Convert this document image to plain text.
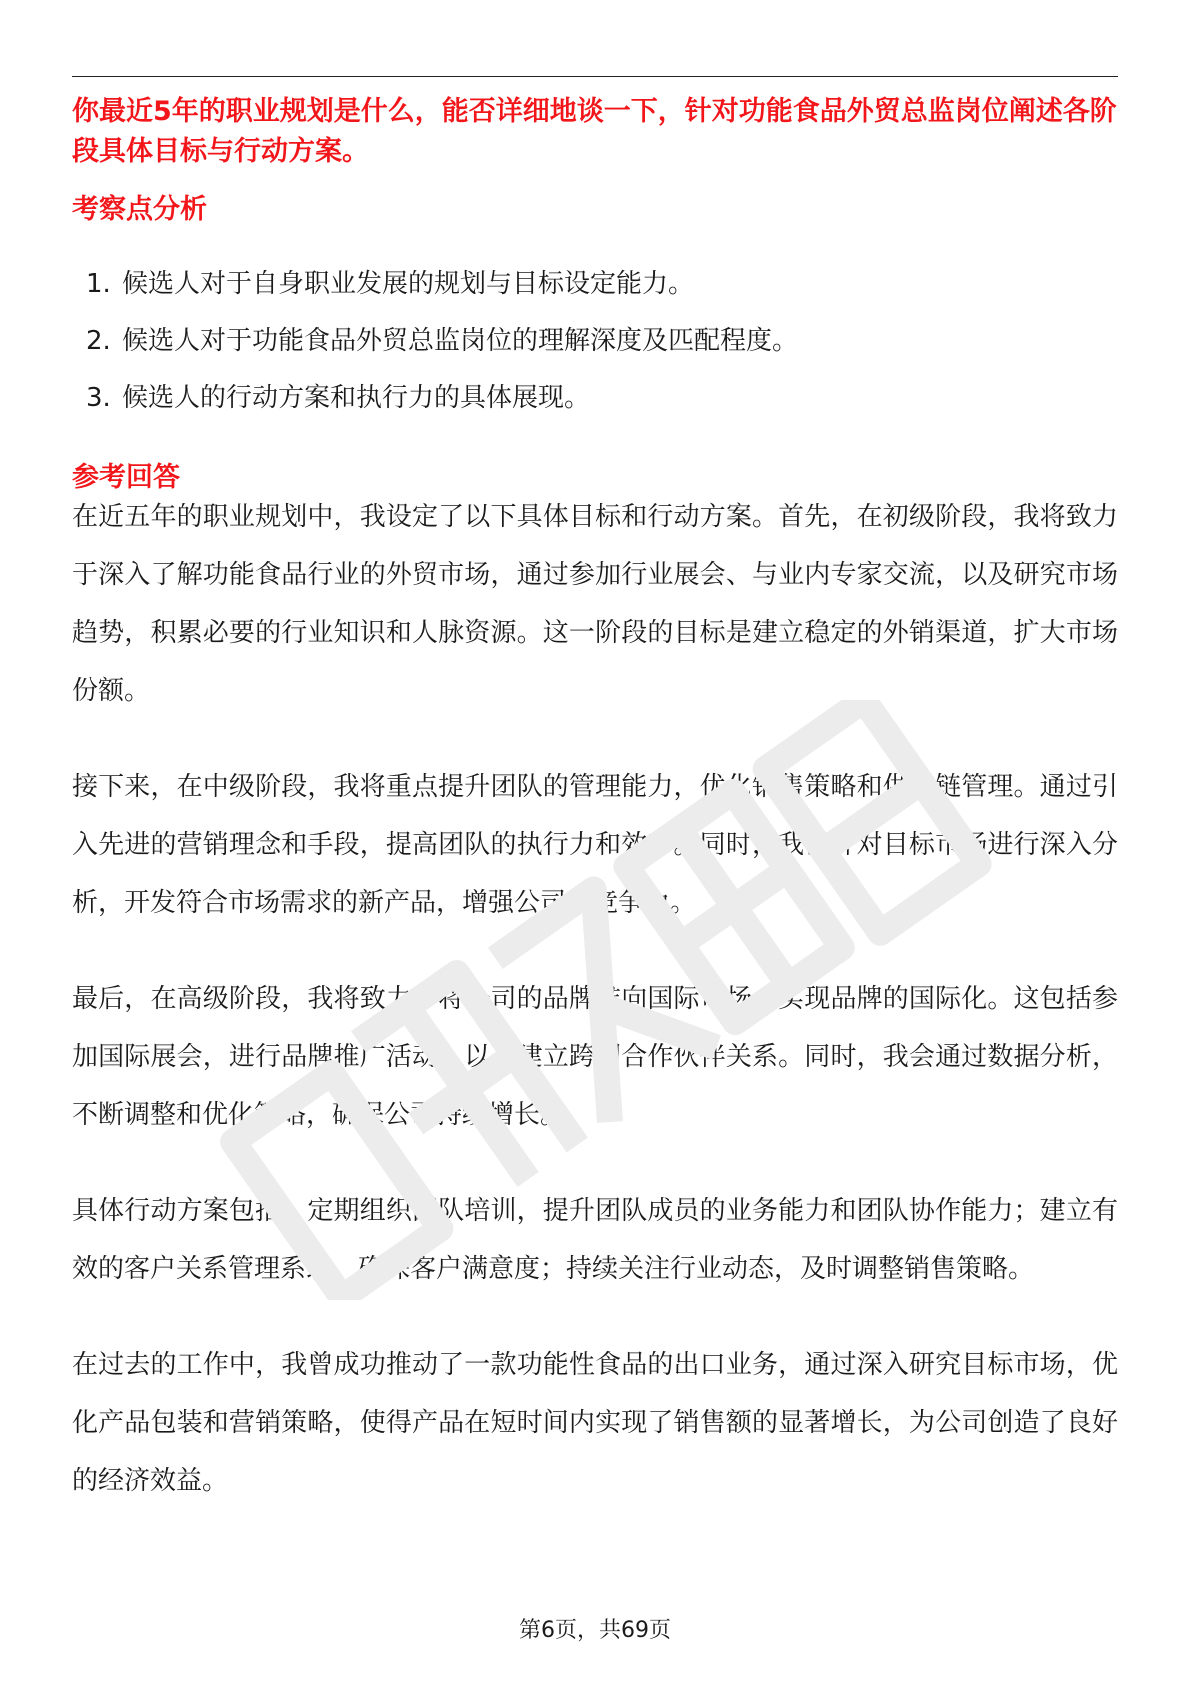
你最近5年的职业规划是什么，能否详细地谈一下，针对功能食品外贸总监岗位阐述各阶段具体目标与行动方案。

考察点分析
1. 候选人对于自身职业发展的规划与目标设定能力。
2. 候选人对于功能食品外贸总监岗位的理解深度及匹配程度。
3. 候选人的行动方案和执行力的具体展现。
参考回答

在近五年的职业规划中，我设定了以下具体目标和行动方案。首先，在初级阶段，我将致力于深入了解功能食品行业的外贸市场，通过参加行业展会、与业内专家交流，以及研究市场趋势，积累必要的行业知识和人脉资源。这一阶段的目标是建立稳定的外销渠道，扩大市场份额。

接下来，在中级阶段，我将重点提升团队的管理能力，优化销售策略和供应链管理。通过引入先进的营销理念和手段，提高团队的执行力和效率。同时，我会针对目标市场进行深入分析，开发符合市场需求的新产品，增强公司的竞争力。

最后，在高级阶段，我将致力于将公司的品牌推向国际市场，实现品牌的国际化。这包括参加国际展会，进行品牌推广活动，以及建立跨国合作伙伴关系。同时，我会通过数据分析，不断调整和优化策略，确保公司持续增长。

具体行动方案包括：定期组织团队培训，提升团队成员的业务能力和团队协作能力；建立有效的客户关系管理系统，确保客户满意度；持续关注行业动态，及时调整销售策略。

在过去的工作中，我曾成功推动了一款功能性食品的出口业务，通过深入研究目标市场，优化产品包装和营销策略，使得产品在短时间内实现了销售额的显著增长，为公司创造了良好的经济效益。

第6页，共69页
